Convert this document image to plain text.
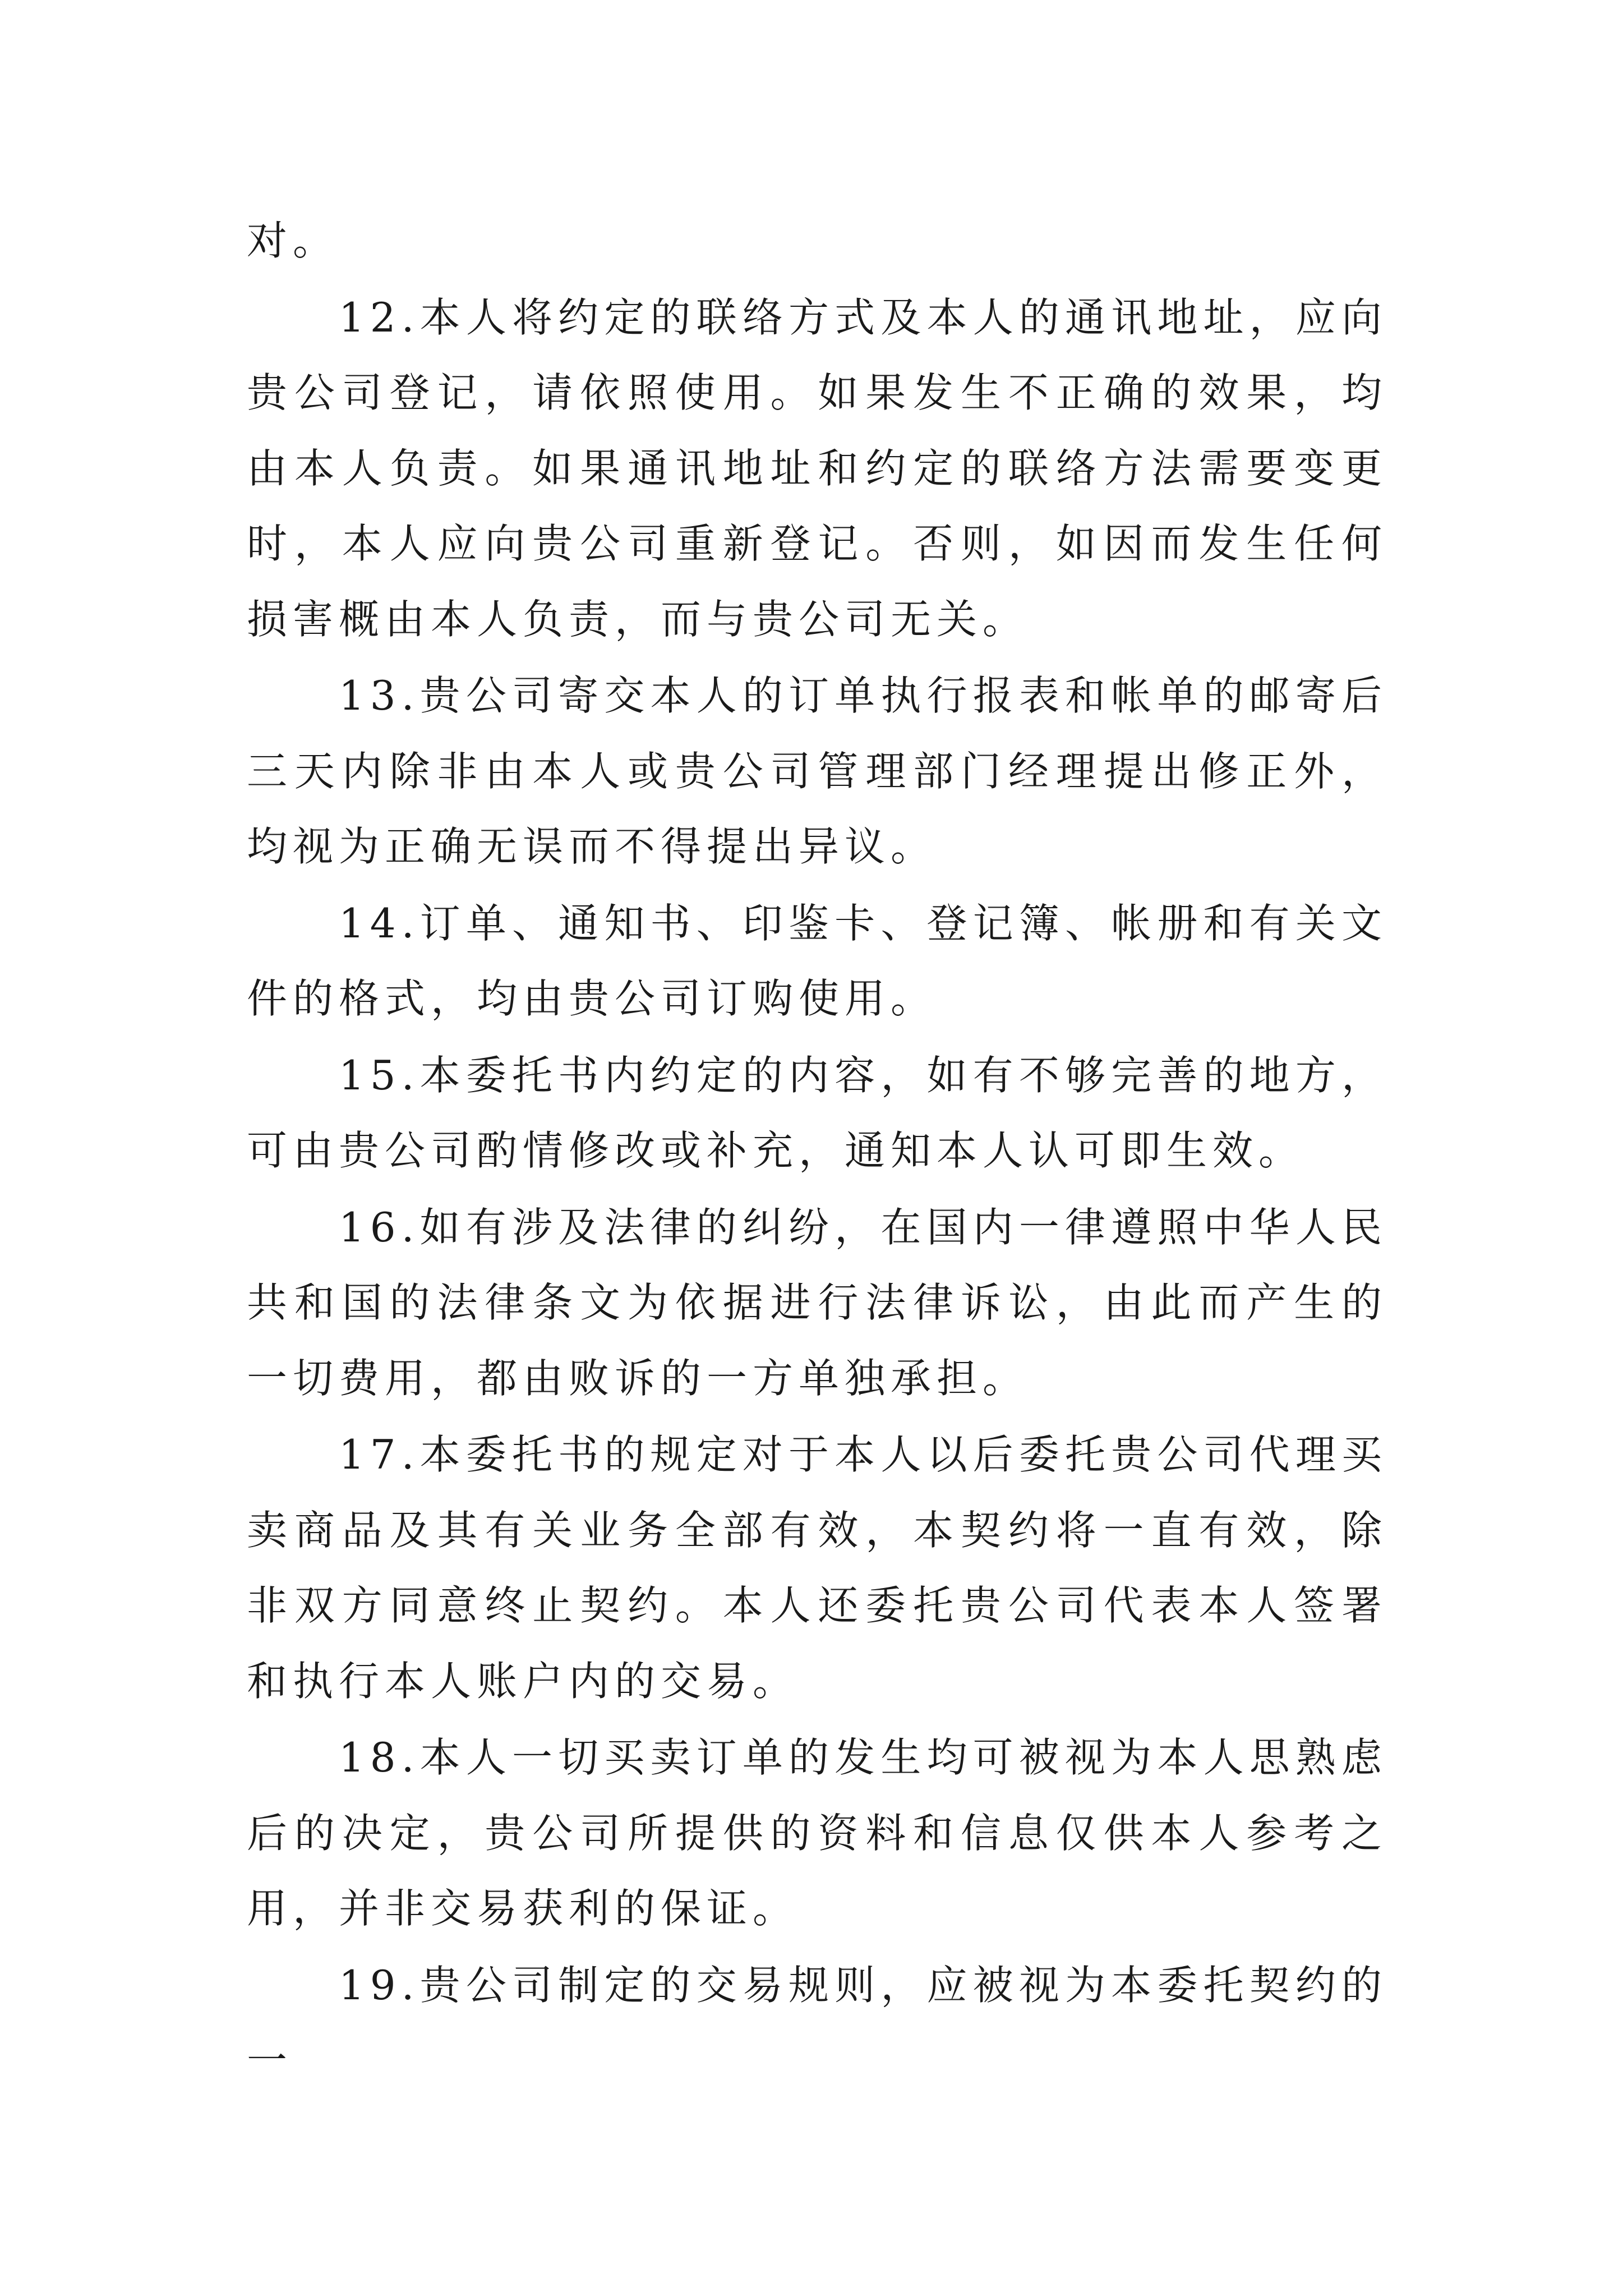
对。

12.本人将约定的联络方式及本人的通讯地址，应向贵公司登记，请依照使用。如果发生不正确的效果，均由本人负责。如果通讯地址和约定的联络方法需要变更时，本人应向贵公司重新登记。否则，如因而发生任何损害概由本人负责，而与贵公司无关。

13.贵公司寄交本人的订单执行报表和帐单的邮寄后三天内除非由本人或贵公司管理部门经理提出修正外，均视为正确无误而不得提出异议。

14.订单、通知书、印鉴卡、登记簿、帐册和有关文件的格式，均由贵公司订购使用。

15.本委托书内约定的内容，如有不够完善的地方，可由贵公司酌情修改或补充，通知本人认可即生效。

16.如有涉及法律的纠纷，在国内一律遵照中华人民共和国的法律条文为依据进行法律诉讼，由此而产生的一切费用，都由败诉的一方单独承担。

17.本委托书的规定对于本人以后委托贵公司代理买卖商品及其有关业务全部有效，本契约将一直有效，除非双方同意终止契约。本人还委托贵公司代表本人签署和执行本人账户内的交易。

18.本人一切买卖订单的发生均可被视为本人思熟虑后的决定，贵公司所提供的资料和信息仅供本人参考之用，并非交易获利的保证。

19.贵公司制定的交易规则，应被视为本委托契约的一
